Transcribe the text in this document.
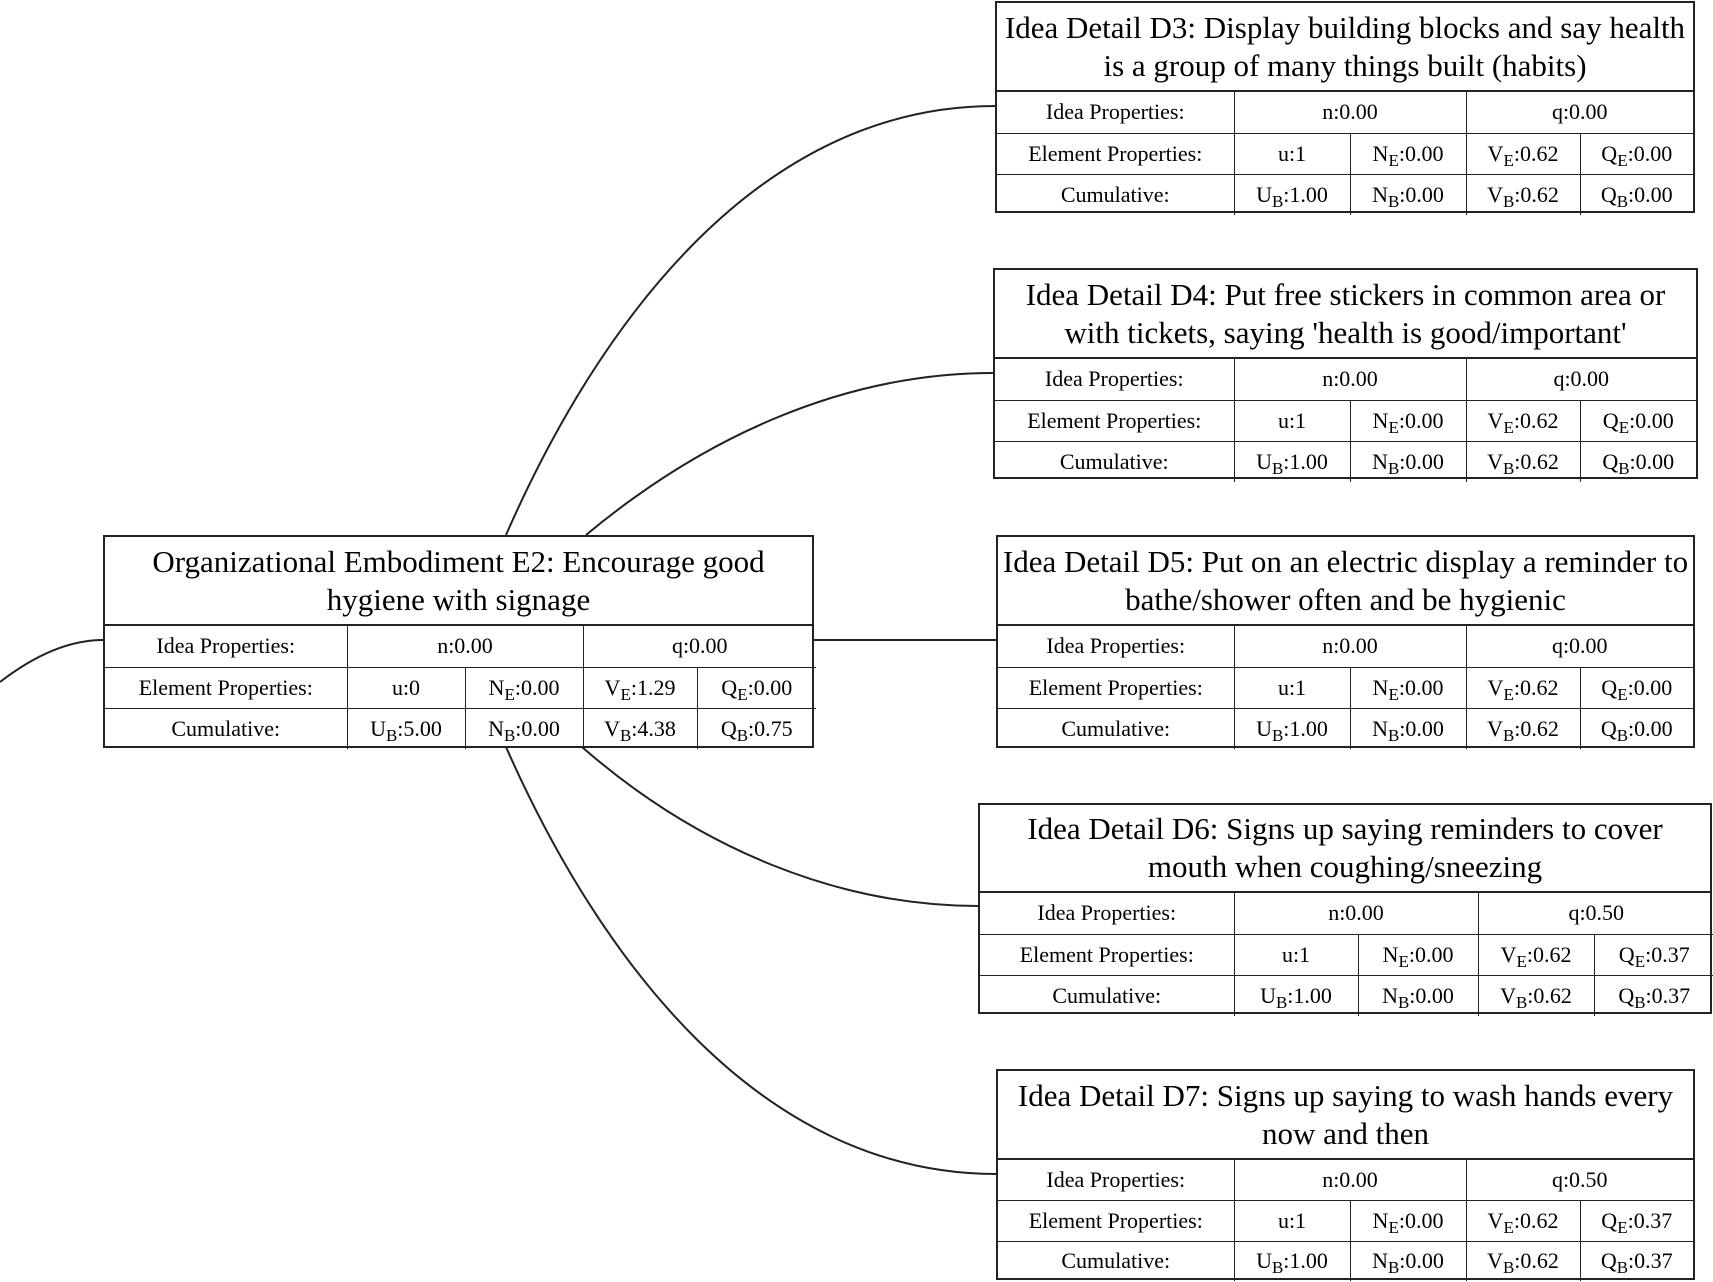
Organizational Embodiment E2: Encourage good hygiene with signage
Idea Properties:	n:0.00		q:0.00	
Element Properties:	u:0	$N_E:0.00$	$V_E:1.29$	$Q_E:0.00$
Cumulative:	$U_B:5.00$	$N_B:0.00$	$V_B:4.38$	$Q_B:0.75$
Idea Detail D3: Display building blocks and say health is a group of many things built (habits)
Idea Properties:	n:0.00		q:0.00	
Element Properties:	u:1	$N_E:0.00$	$V_E:0.62$	$Q_E:0.00$
Cumulative:	$U_B:1.00$	$N_B:0.00$	$V_B:0.62$	$Q_B:0.00$
Idea Detail D4: Put free stickers in common area or with tickets, saying 'health is good/important'
Idea Properties:	n:0.00		q:0.00	
Element Properties:	u:1	$N_E:0.00$	$V_E:0.62$	$Q_E:0.00$
Cumulative:	$U_B:1.00$	$N_B:0.00$	$V_B:0.62$	$Q_B:0.00$
Idea Detail D5: Put on an electric display a reminder to bathe/shower often and be hygienic
Idea Properties:	n:0.00		q:0.00	
Element Properties:	u:1	$N_E:0.00$	$V_E:0.62$	$Q_E:0.00$
Cumulative:	$U_B:1.00$	$N_B:0.00$	$V_B:0.62$	$Q_B:0.00$
Idea Detail D6: Signs up saying reminders to cover mouth when coughing/sneezing
Idea Properties:	n:0.00		q:0.50	
Element Properties:	u:1	$N_E:0.00$	$V_E:0.62$	$Q_E:0.37$
Cumulative:	$U_B:1.00$	$N_B:0.00$	$V_B:0.62$	$Q_B:0.37$
Idea Detail D7: Signs up saying to wash hands every now and then
Idea Properties:	n:0.00		q:0.50	
Element Properties:	u:1	$N_E:0.00$	$V_E:0.62$	$Q_E:0.37$
Cumulative:	$U_B:1.00$	$N_B:0.00$	$V_B:0.62$	$Q_B:0.37$
